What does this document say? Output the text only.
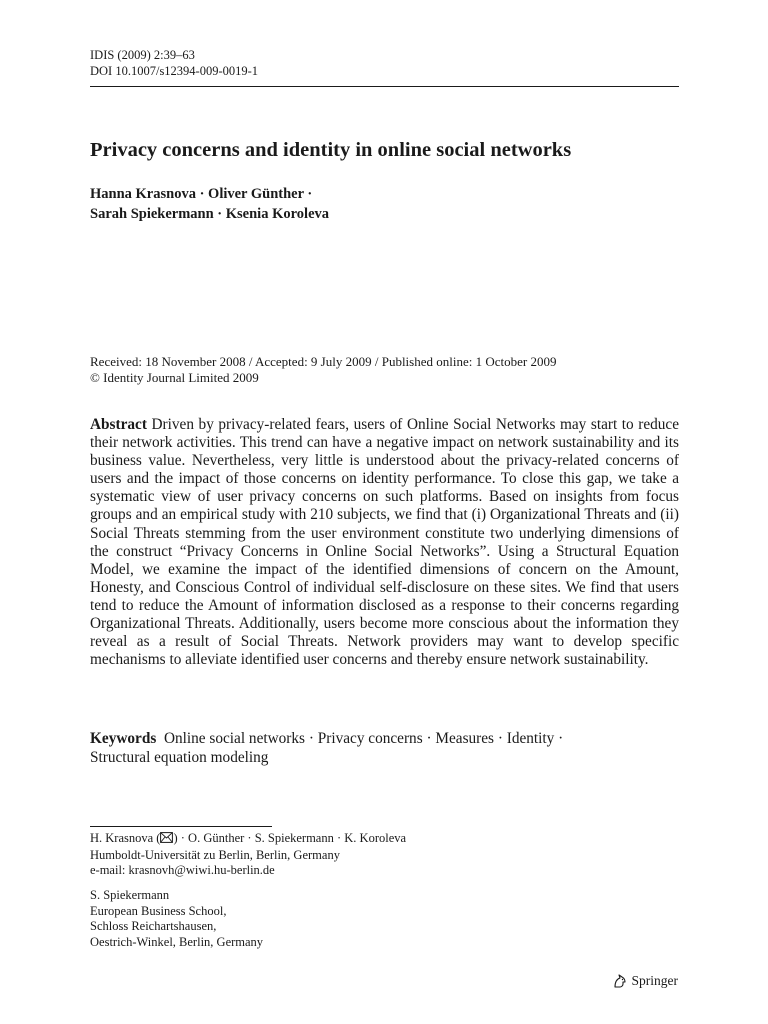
IDIS (2009) 2:39–63
DOI 10.1007/s12394-009-0019-1
Privacy concerns and identity in online social networks
Hanna Krasnova · Oliver Günther ·
Sarah Spiekermann · Ksenia Koroleva
Received: 18 November 2008 / Accepted: 9 July 2009 / Published online: 1 October 2009
© Identity Journal Limited 2009

Abstract Driven by privacy-related fears, users of Online Social Networks may start to reduce their network activities. This trend can have a negative impact on network sustainability and its business value. Nevertheless, very little is understood about the privacy-related concerns of users and the impact of those concerns on identity performance. To close this gap, we take a systematic view of user privacy concerns on such platforms. Based on insights from focus groups and an empirical study with 210 subjects, we find that (i) Organizational Threats and (ii) Social Threats stemming from the user environment constitute two underlying dimensions of the construct “Privacy Concerns in Online Social Networks”. Using a Structural Equation Model, we examine the impact of the identified dimensions of concern on the Amount, Honesty, and Conscious Control of individual self-disclosure on these sites. We find that users tend to reduce the Amount of information disclosed as a response to their concerns regarding Organizational Threats. Additionally, users become more conscious about the information they reveal as a result of Social Threats. Network providers may want to develop specific mechanisms to alleviate identified user concerns and thereby ensure network sustainability.

Keywords Online social networks · Privacy concerns · Measures · Identity ·
Structural equation modeling
H. Krasnova ( ) · O. Günther · S. Spiekermann · K. Koroleva
Humboldt-Universität zu Berlin, Berlin, Germany
e-mail: krasnovh@wiwi.hu-berlin.de
S. Spiekermann
European Business School,
Schloss Reichartshausen,
Oestrich-Winkel, Berlin, Germany
Springer
